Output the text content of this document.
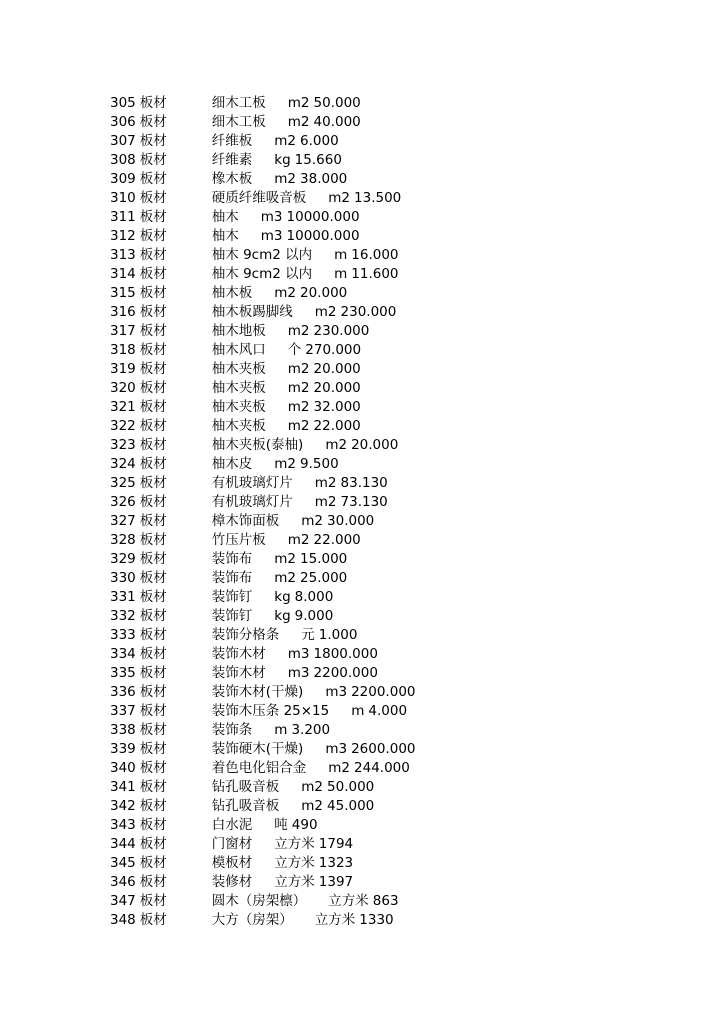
305 板材	细木工板 m2 50.000
306 板材	细木工板 m2 40.000
307 板材	纤维板 m2 6.000
308 板材	纤维素 kg 15.660
309 板材	橡木板 m2 38.000
310 板材	硬质纤维吸音板 m2 13.500
311 板材	柚木 m3 10000.000
312 板材	柚木 m3 10000.000
313 板材	柚木 9cm2 以内 m 16.000
314 板材	柚木 9cm2 以内 m 11.600
315 板材	柚木板 m2 20.000
316 板材	柚木板踢脚线 m2 230.000
317 板材	柚木地板 m2 230.000
318 板材	柚木风口 个 270.000
319 板材	柚木夹板 m2 20.000
320 板材	柚木夹板 m2 20.000
321 板材	柚木夹板 m2 32.000
322 板材	柚木夹板 m2 22.000
323 板材	柚木夹板(泰柚) m2 20.000
324 板材	柚木皮 m2 9.500
325 板材	有机玻璃灯片 m2 83.130
326 板材	有机玻璃灯片 m2 73.130
327 板材	樟木饰面板 m2 30.000
328 板材	竹压片板 m2 22.000
329 板材	装饰布 m2 15.000
330 板材	装饰布 m2 25.000
331 板材	装饰钉 kg 8.000
332 板材	装饰钉 kg 9.000
333 板材	装饰分格条 元 1.000
334 板材	装饰木材 m3 1800.000
335 板材	装饰木材 m3 2200.000
336 板材	装饰木材(干燥) m3 2200.000
337 板材	装饰木压条 25×15 m 4.000
338 板材	装饰条 m 3.200
339 板材	装饰硬木(干燥) m3 2600.000
340 板材	着色电化铝合金 m2 244.000
341 板材	钻孔吸音板 m2 50.000
342 板材	钻孔吸音板 m2 45.000
343 板材	白水泥 吨 490
344 板材	门窗材 立方米 1794
345 板材	模板材 立方米 1323
346 板材	装修材 立方米 1397
347 板材	圆木（房架檩） 立方米 863
348 板材	大方（房架） 立方米 1330
